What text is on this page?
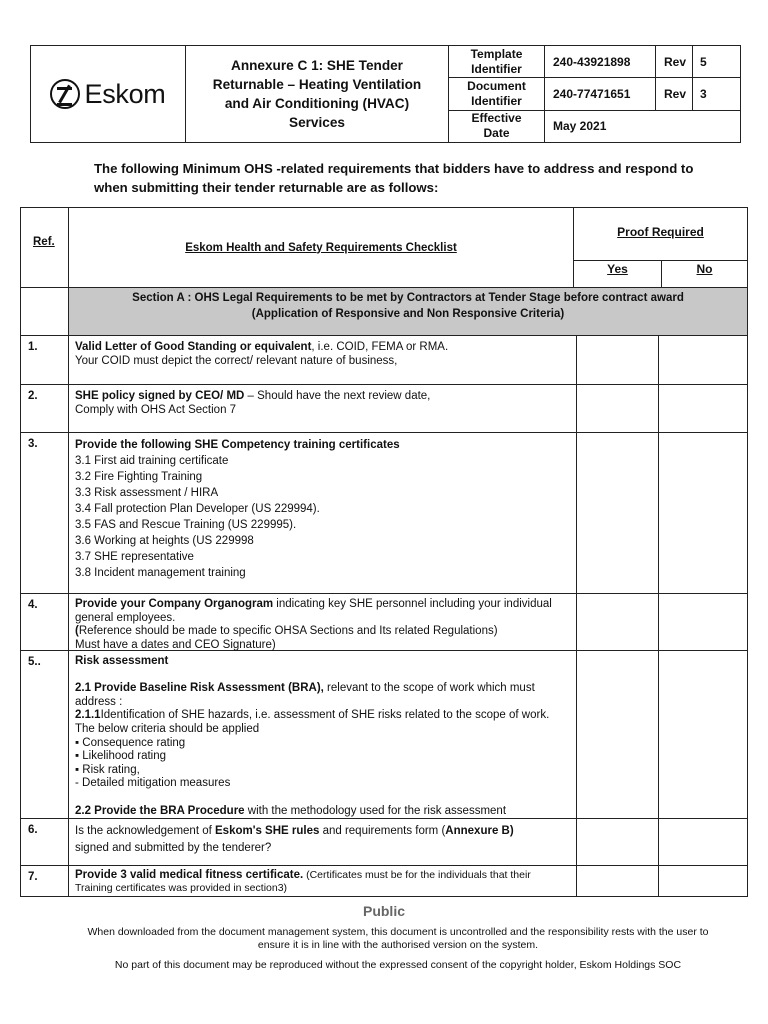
Eskom
Annexure C 1: SHE Tender
Returnable – Heating Ventilation
and Air Conditioning (HVAC)
Services
Template
Identifier	240-43921898	Rev	5
Document
Identifier	240-77471651	Rev	3
Effective
Date	May 2021
The following Minimum OHS -related requirements that bidders have to address and respond to when submitting their tender returnable are as follows:
Ref.	Eskom Health and Safety Requirements Checklist
Proof Required
Yes	No
Section A : OHS Legal Requirements to be met by Contractors at Tender Stage before contract award
(Application of Responsive and Non Responsive Criteria)
1.	Valid Letter of Good Standing or equivalent, i.e. COID, FEMA or RMA.
Your COID must depict the correct/ relevant nature of business,
2.	SHE policy signed by CEO/ MD – Should have the next review date,
Comply with OHS Act Section 7
3.	Provide the following SHE Competency training certificates
3.1 First aid training certificate
3.2 Fire Fighting Training
3.3 Risk assessment / HIRA
3.4 Fall protection Plan Developer (US 229994).
3.5 FAS and Rescue Training (US 229995).
3.6 Working at heights (US 229998
3.7 SHE representative
3.8 Incident management training
4.	Provide your Company Organogram indicating key SHE personnel including your individual general employees.
(Reference should be made to specific OHSA Sections and Its related Regulations)
Must have a dates and CEO Signature)
5..	Risk assessment

2.1 Provide Baseline Risk Assessment (BRA), relevant to the scope of work which must address :
2.1.1Identification of SHE hazards, i.e. assessment of SHE risks related to the scope of work. The below criteria should be applied
▪ Consequence rating
▪ Likelihood rating
▪ Risk rating,
- Detailed mitigation measures

2.2 Provide the BRA Procedure with the methodology used for the risk assessment
6.	Is the acknowledgement of Eskom's SHE rules and requirements form (Annexure B)
signed and submitted by the tenderer?
7.	Provide 3 valid medical fitness certificate. (Certificates must be for the individuals that their Training certificates was provided in section3)
Public
When downloaded from the document management system, this document is uncontrolled and the responsibility rests with the user to ensure it is in line with the authorised version on the system.
No part of this document may be reproduced without the expressed consent of the copyright holder, Eskom Holdings SOC
